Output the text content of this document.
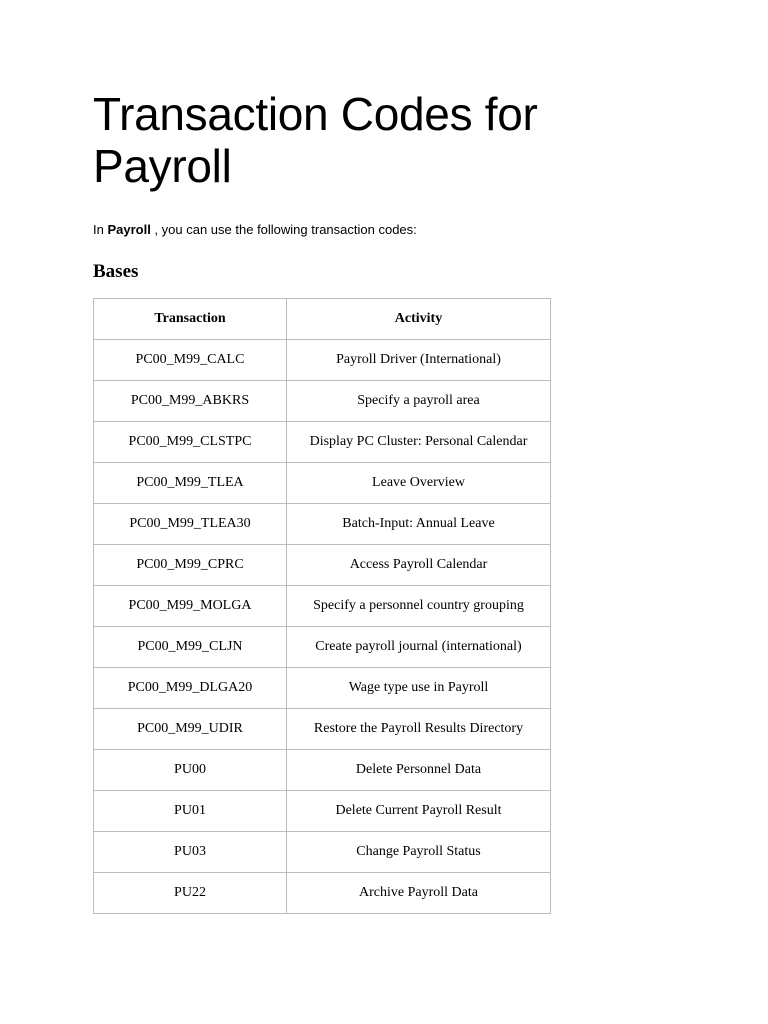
Transaction Codes for Payroll

In Payroll , you can use the following transaction codes:

Bases
Transaction	Activity
PC00_M99_CALC	Payroll Driver (International)
PC00_M99_ABKRS	Specify a payroll area
PC00_M99_CLSTPC	Display PC Cluster: Personal Calendar
PC00_M99_TLEA	Leave Overview
PC00_M99_TLEA30	Batch-Input: Annual Leave
PC00_M99_CPRC	Access Payroll Calendar
PC00_M99_MOLGA	Specify a personnel country grouping
PC00_M99_CLJN	Create payroll journal (international)
PC00_M99_DLGA20	Wage type use in Payroll
PC00_M99_UDIR	Restore the Payroll Results Directory
PU00	Delete Personnel Data
PU01	Delete Current Payroll Result
PU03	Change Payroll Status
PU22	Archive Payroll Data
